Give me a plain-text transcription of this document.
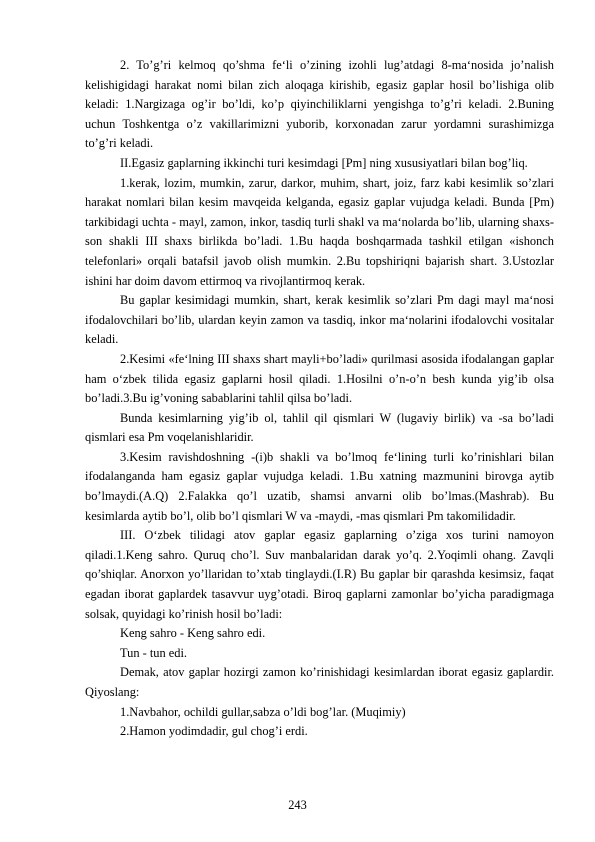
2. To’g’ri kelmoq qo’shma fe‘li o’zining izohli lug’atdagi 8-ma‘nosida jo’nalish kelishigidagi harakat nomi bilan zich aloqaga kirishib, egasiz gaplar hosil bo’lishiga olib keladi: 1.Nargizaga og’ir bo’ldi, ko’p qiyinchiliklarni yengishga to’g’ri keladi. 2.Buning uchun Toshkentga o’z vakillarimizni yuborib, korxonadan zarur yordamni surashimizga to’g’ri keladi.

II.Egasiz gaplarning ikkinchi turi kesimdagi [Pm] ning xususiyatlari bilan bog’liq.

1.kerak, lozim, mumkin, zarur, darkor, muhim, shart, joiz, farz kabi kesimlik so’zlari harakat nomlari bilan kesim mavqeida kelganda, egasiz gaplar vujudga keladi. Bunda [Pm) tarkibidagi uchta - mayl, zamon, inkor, tasdiq turli shakl va ma‘nolarda bo’lib, ularning shaxs-son shakli III shaxs birlikda bo’ladi. 1.Bu haqda boshqarmada tashkil etilgan «ishonch telefonlari» orqali batafsil javob olish mumkin. 2.Bu topshiriqni bajarish shart. 3.Ustozlar ishini har doim davom ettirmoq va rivojlantirmoq kerak.

Bu gaplar kesimidagi mumkin, shart, kerak kesimlik so’zlari Pm dagi mayl ma‘nosi ifodalovchilari bo’lib, ulardan keyin zamon va tasdiq, inkor ma‘nolarini ifodalovchi vositalar keladi.

2.Kesimi «fe‘lning III shaxs shart mayli+bo’ladi» qurilmasi asosida ifodalangan gaplar ham o‘zbek tilida egasiz gaplarni hosil qiladi. 1.Hosilni o’n-o’n besh kunda yig’ib olsa bo’ladi.3.Bu ig’voning sabablarini tahlil qilsa bo’ladi.

Bunda kesimlarning yig’ib ol, tahlil qil qismlari W (lugaviy birlik) va -sa bo’ladi qismlari esa Pm voqelanishlaridir.

3.Kesim ravishdoshning -(i)b shakli va bo’lmoq fe‘lining turli ko’rinishlari bilan ifodalanganda ham egasiz gaplar vujudga keladi. 1.Bu xatning mazmunini birovga aytib bo’lmaydi.(A.Q) 2.Falakka qo’l uzatib, shamsi anvarni olib bo’lmas.(Mashrab). Bu kesimlarda aytib bo’l, olib bo’l qismlari W va -maydi, -mas qismlari Pm takomilidadir.

III. O‘zbek tilidagi atov gaplar egasiz gaplarning o’ziga xos turini namoyon qiladi.1.Keng sahro. Quruq cho’l. Suv manbalaridan darak yo’q. 2.Yoqimli ohang. Zavqli qo’shiqlar. Anorxon yo’llaridan to’xtab tinglaydi.(I.R) Bu gaplar bir qarashda kesimsiz, faqat egadan iborat gaplardek tasavvur uyg’otadi. Biroq gaplarni zamonlar bo’yicha paradigmaga solsak, quyidagi ko’rinish hosil bo’ladi:

Keng sahro - Keng sahro edi.

Tun - tun edi.

Demak, atov gaplar hozirgi zamon ko’rinishidagi kesimlardan iborat egasiz gaplardir. Qiyoslang:

1.Navbahor, ochildi gullar,sabza o’ldi bog’lar. (Muqimiy)

2.Hamon yodimdadir, gul chog’i erdi.

243
